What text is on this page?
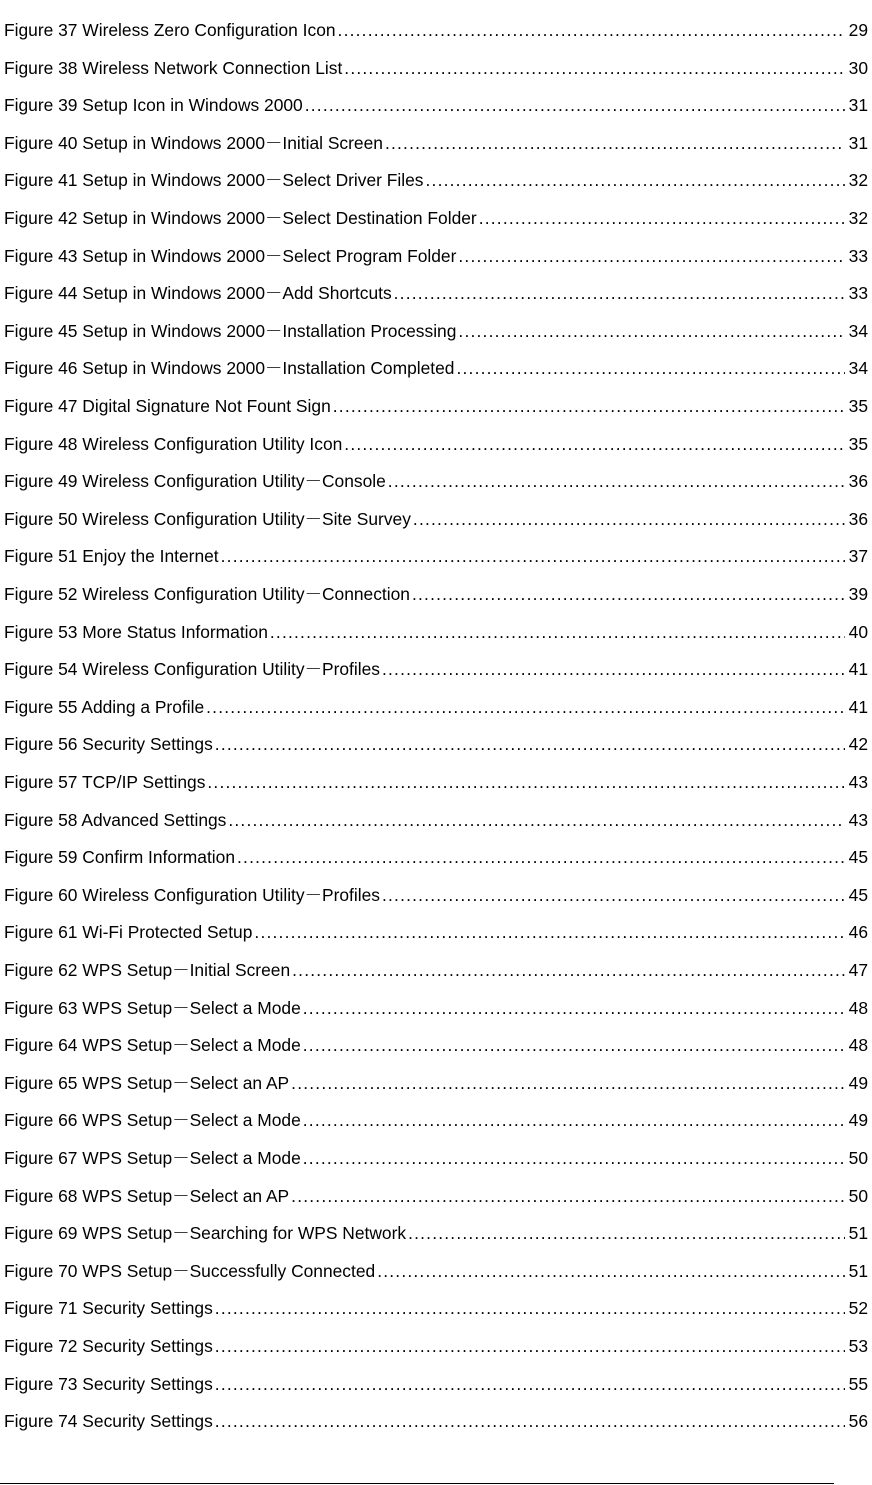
Figure 37 Wireless Zero Configuration Icon .....	29
Figure 38 Wireless Network Connection List .....	30
Figure 39 Setup Icon in Windows 2000 .....	31
Figure 40 Setup in Windows 2000－Initial Screen .....	31
Figure 41 Setup in Windows 2000－Select Driver Files .....	32
Figure 42 Setup in Windows 2000－Select Destination Folder .....	32
Figure 43 Setup in Windows 2000－Select Program Folder .....	33
Figure 44 Setup in Windows 2000－Add Shortcuts .....	33
Figure 45 Setup in Windows 2000－Installation Processing .....	34
Figure 46 Setup in Windows 2000－Installation Completed .....	34
Figure 47 Digital Signature Not Fount Sign .....	35
Figure 48 Wireless Configuration Utility Icon .....	35
Figure 49 Wireless Configuration Utility－Console .....	36
Figure 50 Wireless Configuration Utility－Site Survey .....	36
Figure 51 Enjoy the Internet .....	37
Figure 52 Wireless Configuration Utility－Connection .....	39
Figure 53 More Status Information .....	40
Figure 54 Wireless Configuration Utility－Profiles .....	41
Figure 55 Adding a Profile .....	41
Figure 56 Security Settings .....	42
Figure 57 TCP/IP Settings .....	43
Figure 58 Advanced Settings .....	43
Figure 59 Confirm Information .....	45
Figure 60 Wireless Configuration Utility－Profiles .....	45
Figure 61 Wi-Fi Protected Setup .....	46
Figure 62 WPS Setup－Initial Screen .....	47
Figure 63 WPS Setup－Select a Mode .....	48
Figure 64 WPS Setup－Select a Mode .....	48
Figure 65 WPS Setup－Select an AP .....	49
Figure 66 WPS Setup－Select a Mode .....	49
Figure 67 WPS Setup－Select a Mode .....	50
Figure 68 WPS Setup－Select an AP .....	50
Figure 69 WPS Setup－Searching for WPS Network .....	51
Figure 70 WPS Setup－Successfully Connected .....	51
Figure 71 Security Settings .....	52
Figure 72 Security Settings .....	53
Figure 73 Security Settings .....	55
Figure 74 Security Settings .....	56
